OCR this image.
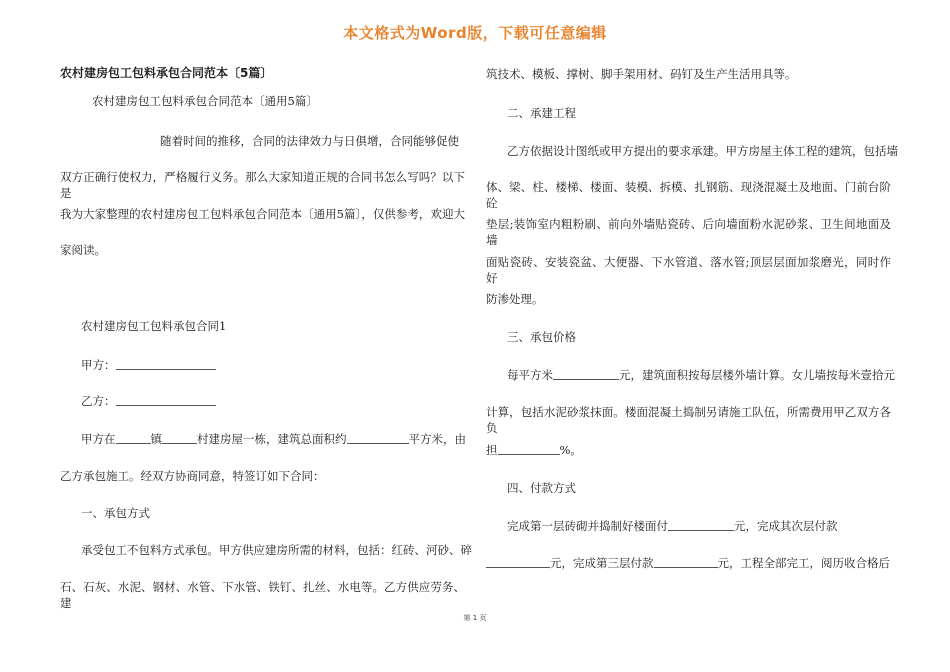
本文格式为Word版，下载可任意编辑
农村建房包工包料承包合同范本〔5篇〕
农村建房包工包料承包合同范本〔通用5篇〕
随着时间的推移，合同的法律效力与日俱增，合同能够促使
双方正确行使权力，严格履行义务。那么大家知道正规的合同书怎么写吗？以下是
我为大家整理的农村建房包工包料承包合同范本〔通用5篇〕，仅供参考，欢迎大
家阅读。
农村建房包工包料承包合同1
甲方：
乙方：
甲方在	镇	村建房屋一栋，建筑总面积约	平方米，由
乙方承包施工。经双方协商同意，特签订如下合同：
一、承包方式
承受包工不包料方式承包。甲方供应建房所需的材料，包括：红砖、河砂、碎
石、石灰、水泥、钢材、水管、下水管、铁钉、扎丝、水电等。乙方供应劳务、建
筑技术、模板、撑树、脚手架用材、码钉及生产生活用具等。
二、承建工程
乙方依据设计图纸或甲方提出的要求承建。甲方房屋主体工程的建筑，包括墙
体、梁、柱、楼梯、楼面、装模、拆模、扎钢筋、现浇混凝土及地面、门前台阶砼
垫层;装饰室内粗粉刷、前向外墙贴瓷砖、后向墙面粉水泥砂浆、卫生间地面及墙
面贴瓷砖、安装瓷盆、大便器、下水管道、落水管;顶层层面加浆磨光，同时作好
防渗处理。
三、承包价格
每平方米	元，建筑面积按每层楼外墙计算。女儿墙按每米壹拾元
计算，包括水泥砂浆抹面。楼面混凝土捣制另请施工队伍，所需费用甲乙双方各负
担	%。
四、付款方式
完成第一层砖砌并捣制好楼面付	元，完成其次层付款
元，完成第三层付款	元，工程全部完工，阅历收合格后
第 1 页
